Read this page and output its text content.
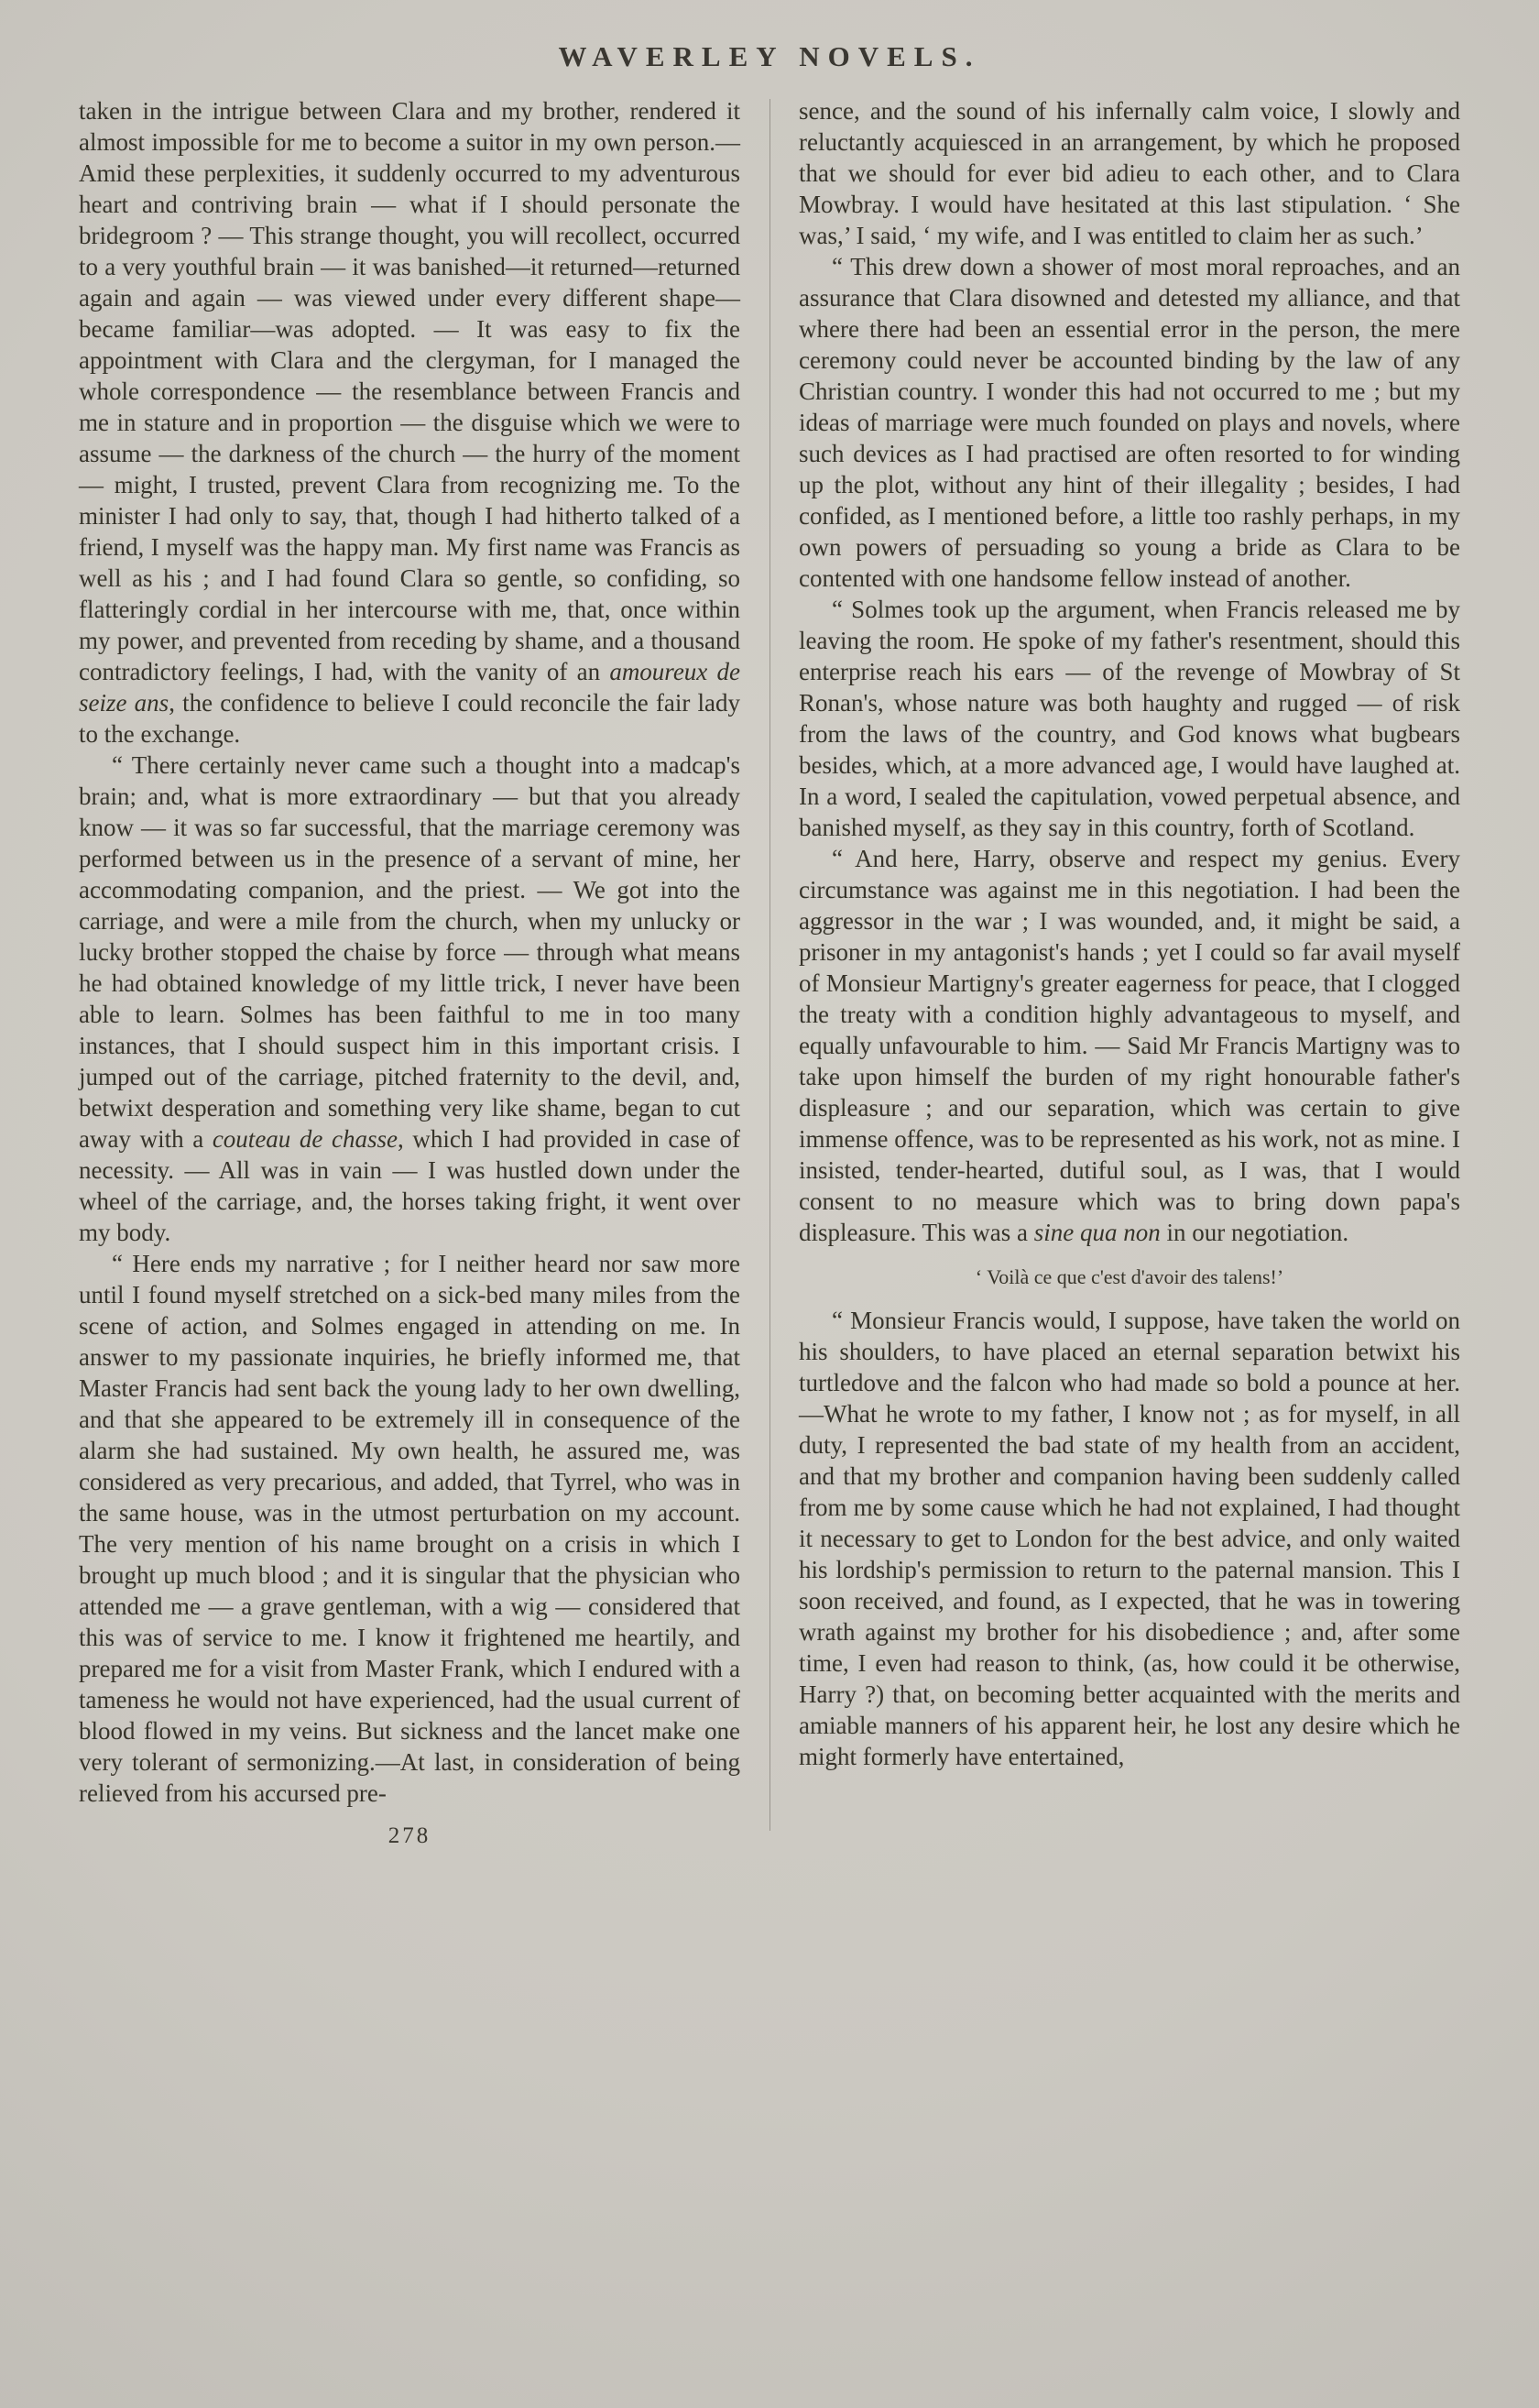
WAVERLEY NOVELS.

taken in the intrigue between Clara and my brother, rendered it almost impossible for me to become a suitor in my own person.—Amid these perplexities, it suddenly occurred to my adventurous heart and contriving brain — what if I should personate the bridegroom ? — This strange thought, you will recollect, occurred to a very youthful brain — it was banished—it returned—returned again and again — was viewed under every different shape—became familiar—was adopted. — It was easy to fix the appointment with Clara and the clergyman, for I managed the whole correspondence — the resemblance between Francis and me in stature and in proportion — the disguise which we were to assume — the darkness of the church — the hurry of the moment — might, I trusted, prevent Clara from recognizing me. To the minister I had only to say, that, though I had hitherto talked of a friend, I myself was the happy man. My first name was Francis as well as his ; and I had found Clara so gentle, so confiding, so flatteringly cordial in her intercourse with me, that, once within my power, and prevented from receding by shame, and a thousand contradictory feelings, I had, with the vanity of an amoureux de seize ans, the confidence to believe I could reconcile the fair lady to the exchange.

“ There certainly never came such a thought into a madcap's brain; and, what is more extraordinary — but that you already know — it was so far successful, that the marriage ceremony was performed between us in the presence of a servant of mine, her accommodating companion, and the priest. — We got into the carriage, and were a mile from the church, when my unlucky or lucky brother stopped the chaise by force — through what means he had obtained knowledge of my little trick, I never have been able to learn. Solmes has been faithful to me in too many instances, that I should suspect him in this important crisis. I jumped out of the carriage, pitched fraternity to the devil, and, betwixt desperation and something very like shame, began to cut away with a couteau de chasse, which I had provided in case of necessity. — All was in vain — I was hustled down under the wheel of the carriage, and, the horses taking fright, it went over my body.

“ Here ends my narrative ; for I neither heard nor saw more until I found myself stretched on a sick-bed many miles from the scene of action, and Solmes engaged in attending on me. In answer to my passionate inquiries, he briefly informed me, that Master Francis had sent back the young lady to her own dwelling, and that she appeared to be extremely ill in consequence of the alarm she had sustained. My own health, he assured me, was considered as very precarious, and added, that Tyrrel, who was in the same house, was in the utmost perturbation on my account. The very mention of his name brought on a crisis in which I brought up much blood ; and it is singular that the physician who attended me — a grave gentleman, with a wig — considered that this was of service to me. I know it frightened me heartily, and prepared me for a visit from Master Frank, which I endured with a tameness he would not have experienced, had the usual current of blood flowed in my veins. But sickness and the lancet make one very tolerant of sermonizing.—At last, in consideration of being relieved from his accursed pre-

278

sence, and the sound of his infernally calm voice, I slowly and reluctantly acquiesced in an arrangement, by which he proposed that we should for ever bid adieu to each other, and to Clara Mowbray. I would have hesitated at this last stipulation. ‘ She was,’ I said, ‘ my wife, and I was entitled to claim her as such.’

“ This drew down a shower of most moral reproaches, and an assurance that Clara disowned and detested my alliance, and that where there had been an essential error in the person, the mere ceremony could never be accounted binding by the law of any Christian country. I wonder this had not occurred to me ; but my ideas of marriage were much founded on plays and novels, where such devices as I had practised are often resorted to for winding up the plot, without any hint of their illegality ; besides, I had confided, as I mentioned before, a little too rashly perhaps, in my own powers of persuading so young a bride as Clara to be contented with one handsome fellow instead of another.

“ Solmes took up the argument, when Francis released me by leaving the room. He spoke of my father's resentment, should this enterprise reach his ears — of the revenge of Mowbray of St Ronan's, whose nature was both haughty and rugged — of risk from the laws of the country, and God knows what bugbears besides, which, at a more advanced age, I would have laughed at. In a word, I sealed the capitulation, vowed perpetual absence, and banished myself, as they say in this country, forth of Scotland.

“ And here, Harry, observe and respect my genius. Every circumstance was against me in this negotiation. I had been the aggressor in the war ; I was wounded, and, it might be said, a prisoner in my antagonist's hands ; yet I could so far avail myself of Monsieur Martigny's greater eagerness for peace, that I clogged the treaty with a condition highly advantageous to myself, and equally unfavourable to him. — Said Mr Francis Martigny was to take upon himself the burden of my right honourable father's displeasure ; and our separation, which was certain to give immense offence, was to be represented as his work, not as mine. I insisted, tender-hearted, dutiful soul, as I was, that I would consent to no measure which was to bring down papa's displeasure. This was a sine qua non in our negotiation.

‘ Voilà ce que c'est d'avoir des talens!’

“ Monsieur Francis would, I suppose, have taken the world on his shoulders, to have placed an eternal separation betwixt his turtledove and the falcon who had made so bold a pounce at her. —What he wrote to my father, I know not ; as for myself, in all duty, I represented the bad state of my health from an accident, and that my brother and companion having been suddenly called from me by some cause which he had not explained, I had thought it necessary to get to London for the best advice, and only waited his lordship's permission to return to the paternal mansion. This I soon received, and found, as I expected, that he was in towering wrath against my brother for his disobedience ; and, after some time, I even had reason to think, (as, how could it be otherwise, Harry ?) that, on becoming better acquainted with the merits and amiable manners of his apparent heir, he lost any desire which he might formerly have entertained,
